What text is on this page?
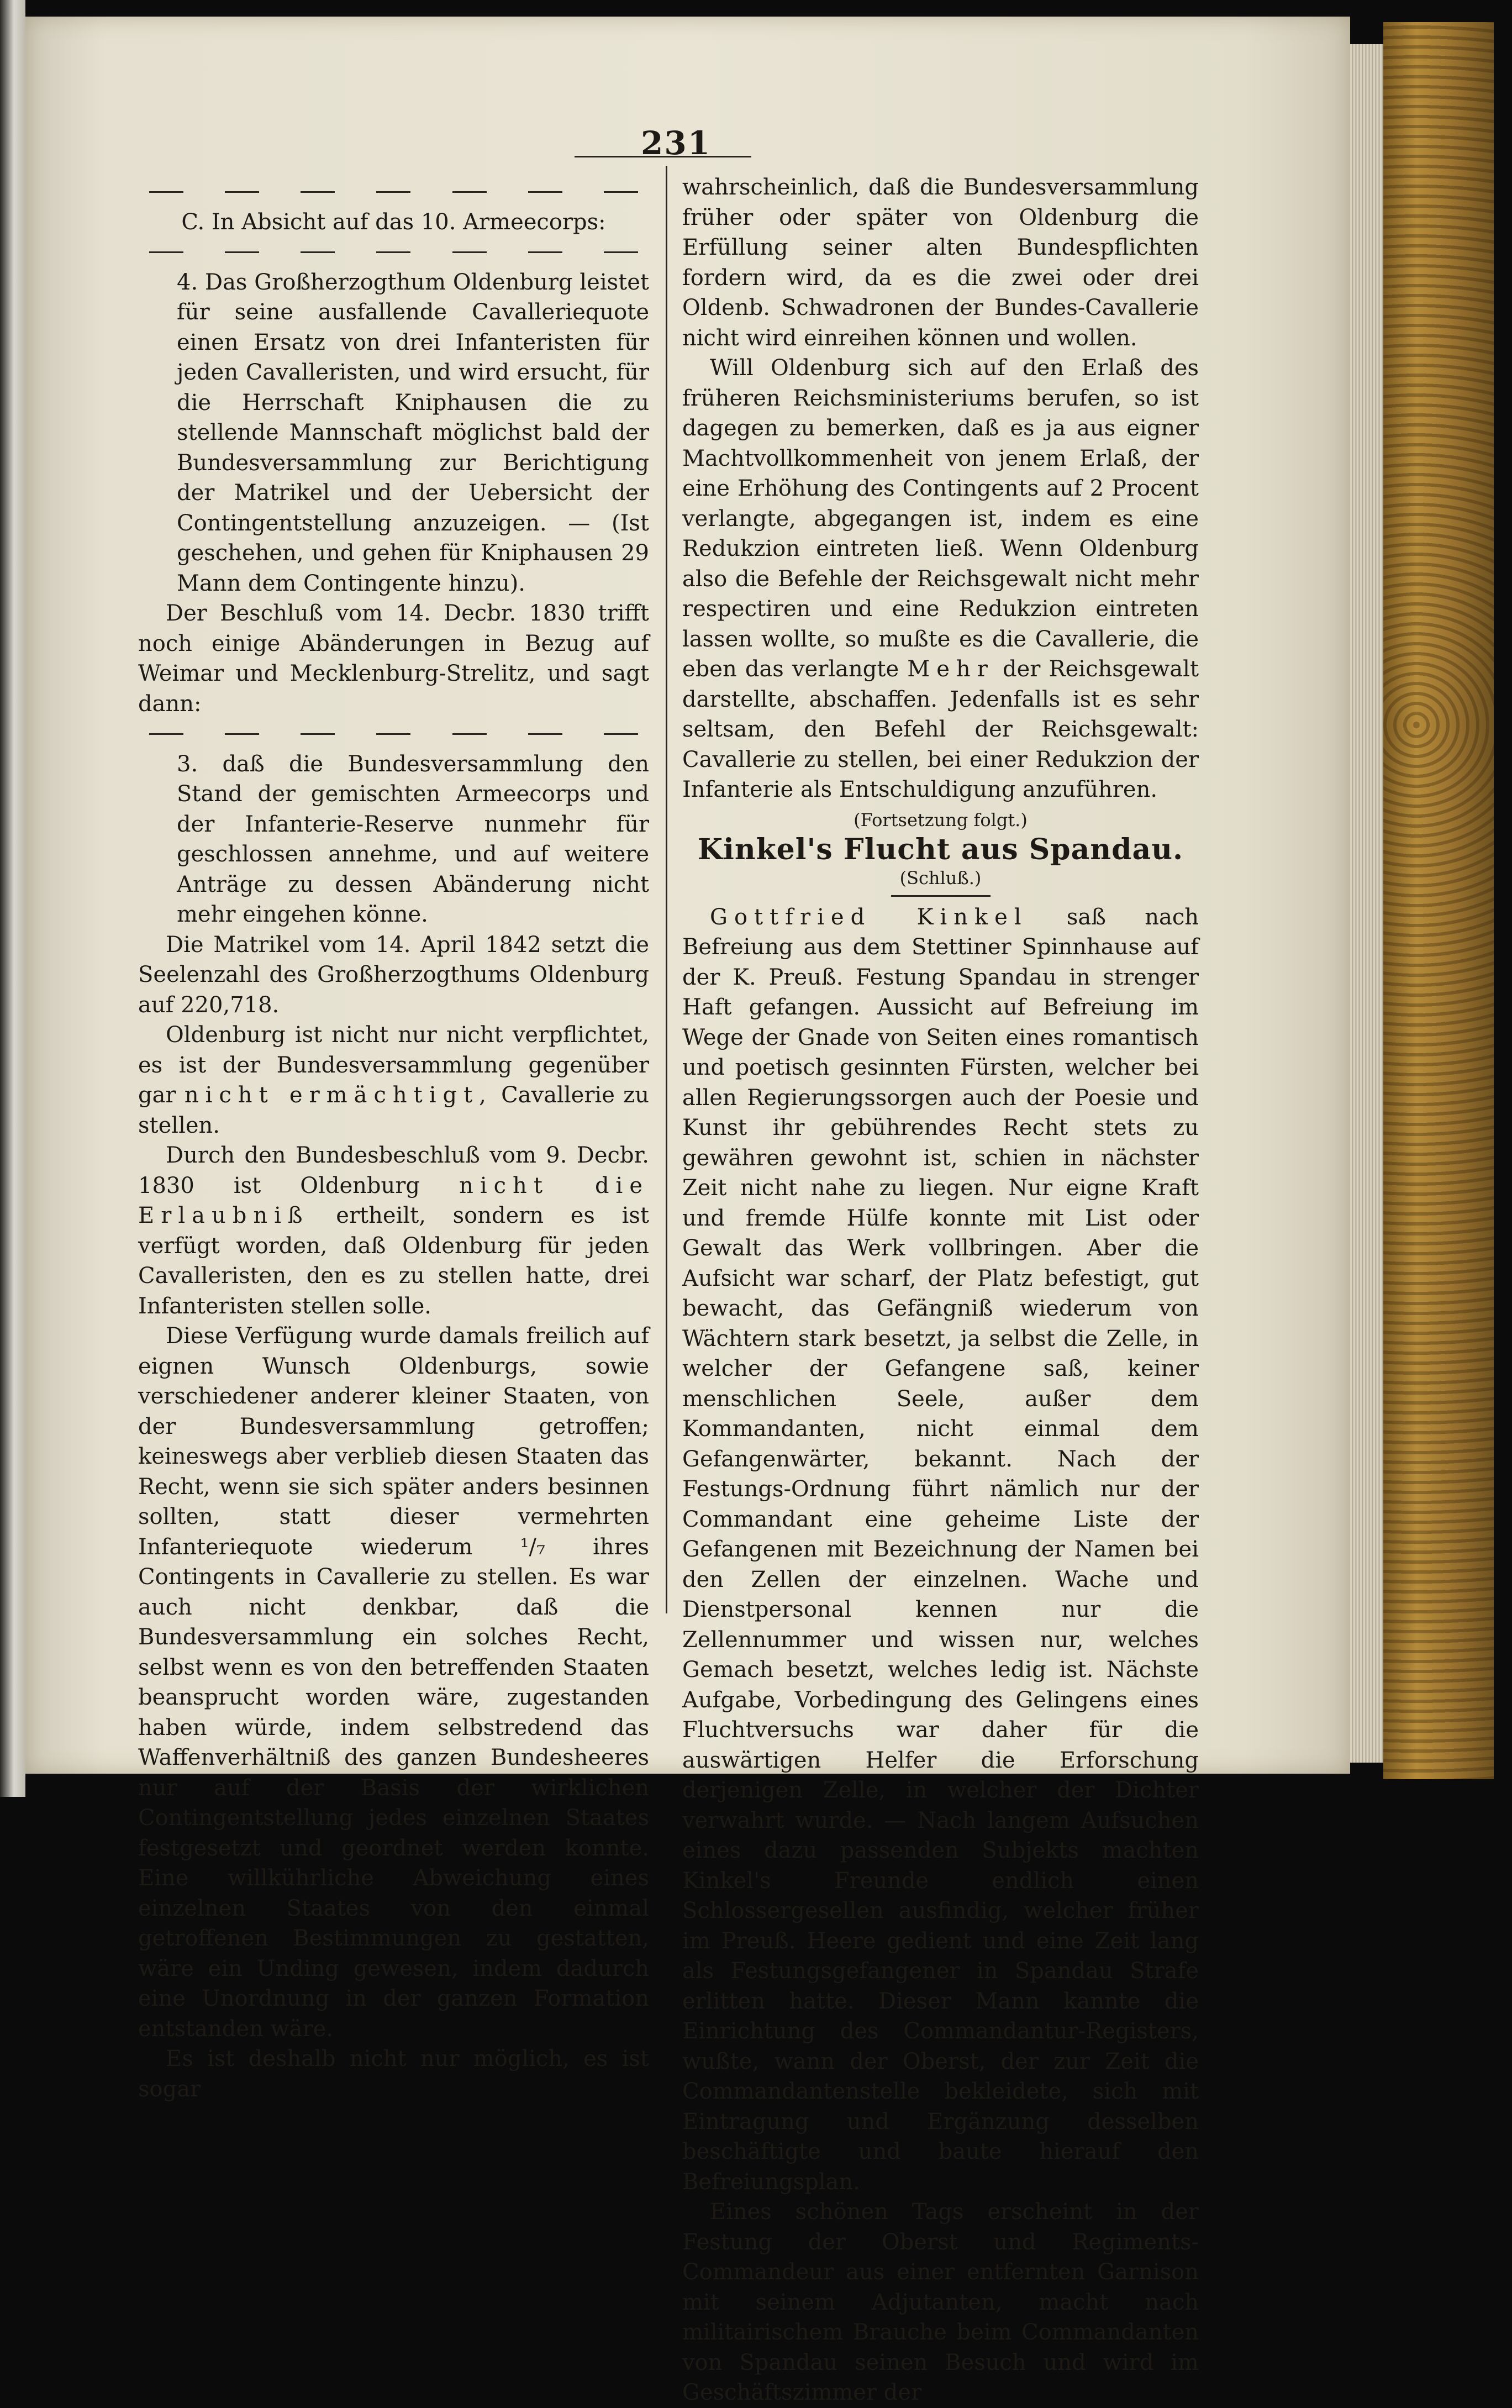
231

C. In Absicht auf das 10. Armeecorps:

4. Das Großherzogthum Oldenburg leistet für seine ausfallende Cavalleriequote einen Ersatz von drei Infanteristen für jeden Cavalleristen, und wird ersucht, für die Herrschaft Kniphausen die zu stellende Mannschaft möglichst bald der Bundesversammlung zur Berichtigung der Matrikel und der Uebersicht der Contingentstellung anzuzeigen. — (Ist geschehen, und gehen für Kniphausen 29 Mann dem Contingente hinzu).

Der Beschluß vom 14. Decbr. 1830 trifft noch einige Abänderungen in Bezug auf Weimar und Mecklenburg-Strelitz, und sagt dann:

3. daß die Bundesversammlung den Stand der gemischten Armeecorps und der Infanterie-Reserve nunmehr für geschlossen annehme, und auf weitere Anträge zu dessen Abänderung nicht mehr eingehen könne.

Die Matrikel vom 14. April 1842 setzt die Seelenzahl des Großherzogthums Oldenburg auf 220,718.

Oldenburg ist nicht nur nicht verpflichtet, es ist der Bundesversammlung gegenüber gar nicht ermächtigt, Cavallerie zu stellen.

Durch den Bundesbeschluß vom 9. Decbr. 1830 ist Oldenburg nicht die Erlaubniß ertheilt, sondern es ist verfügt worden, daß Oldenburg für jeden Cavalleristen, den es zu stellen hatte, drei Infanteristen stellen solle.

Diese Verfügung wurde damals freilich auf eignen Wunsch Oldenburgs, sowie verschiedener anderer kleiner Staaten, von der Bundesversammlung getroffen; keineswegs aber verblieb diesen Staaten das Recht, wenn sie sich später anders besinnen sollten, statt dieser vermehrten Infanteriequote wiederum ¹/₇ ihres Contingents in Cavallerie zu stellen. Es war auch nicht denkbar, daß die Bundesversammlung ein solches Recht, selbst wenn es von den betreffenden Staaten beansprucht worden wäre, zugestanden haben würde, indem selbstredend das Waffenverhältniß des ganzen Bundesheeres nur auf der Basis der wirklichen Contingentstellung jedes einzelnen Staates festgesetzt und geordnet werden konnte. Eine willkührliche Abweichung eines einzelnen Staates von den einmal getroffenen Bestimmungen zu gestatten, wäre ein Unding gewesen, indem dadurch eine Unordnung in der ganzen Formation entstanden wäre.

Es ist deshalb nicht nur möglich, es ist sogar

wahrscheinlich, daß die Bundesversammlung früher oder später von Oldenburg die Erfüllung seiner alten Bundespflichten fordern wird, da es die zwei oder drei Oldenb. Schwadronen der Bundes-Cavallerie nicht wird einreihen können und wollen.

Will Oldenburg sich auf den Erlaß des früheren Reichsministeriums berufen, so ist dagegen zu bemerken, daß es ja aus eigner Machtvollkommenheit von jenem Erlaß, der eine Erhöhung des Contingents auf 2 Procent verlangte, abgegangen ist, indem es eine Redukzion eintreten ließ. Wenn Oldenburg also die Befehle der Reichsgewalt nicht mehr respectiren und eine Redukzion eintreten lassen wollte, so mußte es die Cavallerie, die eben das verlangte Mehr der Reichsgewalt darstellte, abschaffen. Jedenfalls ist es sehr seltsam, den Befehl der Reichsgewalt: Cavallerie zu stellen, bei einer Redukzion der Infanterie als Entschuldigung anzuführen.

(Fortsetzung folgt.)

Kinkel's Flucht aus Spandau.

(Schluß.)

Gottfried Kinkel saß nach Befreiung aus dem Stettiner Spinnhause auf der K. Preuß. Festung Spandau in strenger Haft gefangen. Aussicht auf Befreiung im Wege der Gnade von Seiten eines romantisch und poetisch gesinnten Fürsten, welcher bei allen Regierungssorgen auch der Poesie und Kunst ihr gebührendes Recht stets zu gewähren gewohnt ist, schien in nächster Zeit nicht nahe zu liegen. Nur eigne Kraft und fremde Hülfe konnte mit List oder Gewalt das Werk vollbringen. Aber die Aufsicht war scharf, der Platz befestigt, gut bewacht, das Gefängniß wiederum von Wächtern stark besetzt, ja selbst die Zelle, in welcher der Gefangene saß, keiner menschlichen Seele, außer dem Kommandanten, nicht einmal dem Gefangenwärter, bekannt. Nach der Festungs-Ordnung führt nämlich nur der Commandant eine geheime Liste der Gefangenen mit Bezeichnung der Namen bei den Zellen der einzelnen. Wache und Dienstpersonal kennen nur die Zellennummer und wissen nur, welches Gemach besetzt, welches ledig ist. Nächste Aufgabe, Vorbedingung des Gelingens eines Fluchtversuchs war daher für die auswärtigen Helfer die Erforschung derjenigen Zelle, in welcher der Dichter verwahrt wurde. — Nach langem Aufsuchen eines dazu passenden Subjekts machten Kinkel's Freunde endlich einen Schlossergesellen ausfindig, welcher früher im Preuß. Heere gedient und eine Zeit lang als Festungsgefangener in Spandau Strafe erlitten hatte. Dieser Mann kannte die Einrichtung des Commandantur-Registers, wußte, wann der Oberst, der zur Zeit die Commandantenstelle bekleidete, sich mit Eintragung und Ergänzung desselben beschäftigte und baute hierauf den Befreiungsplan.

Eines schönen Tags erscheint in der Festung der Oberst und Regiments-Commandeur aus einer entfernten Garnison mit seinem Adjutanten, macht nach militairischem Brauche beim Commandanten von Spandau seinen Besuch und wird im Geschäftszimmer der
